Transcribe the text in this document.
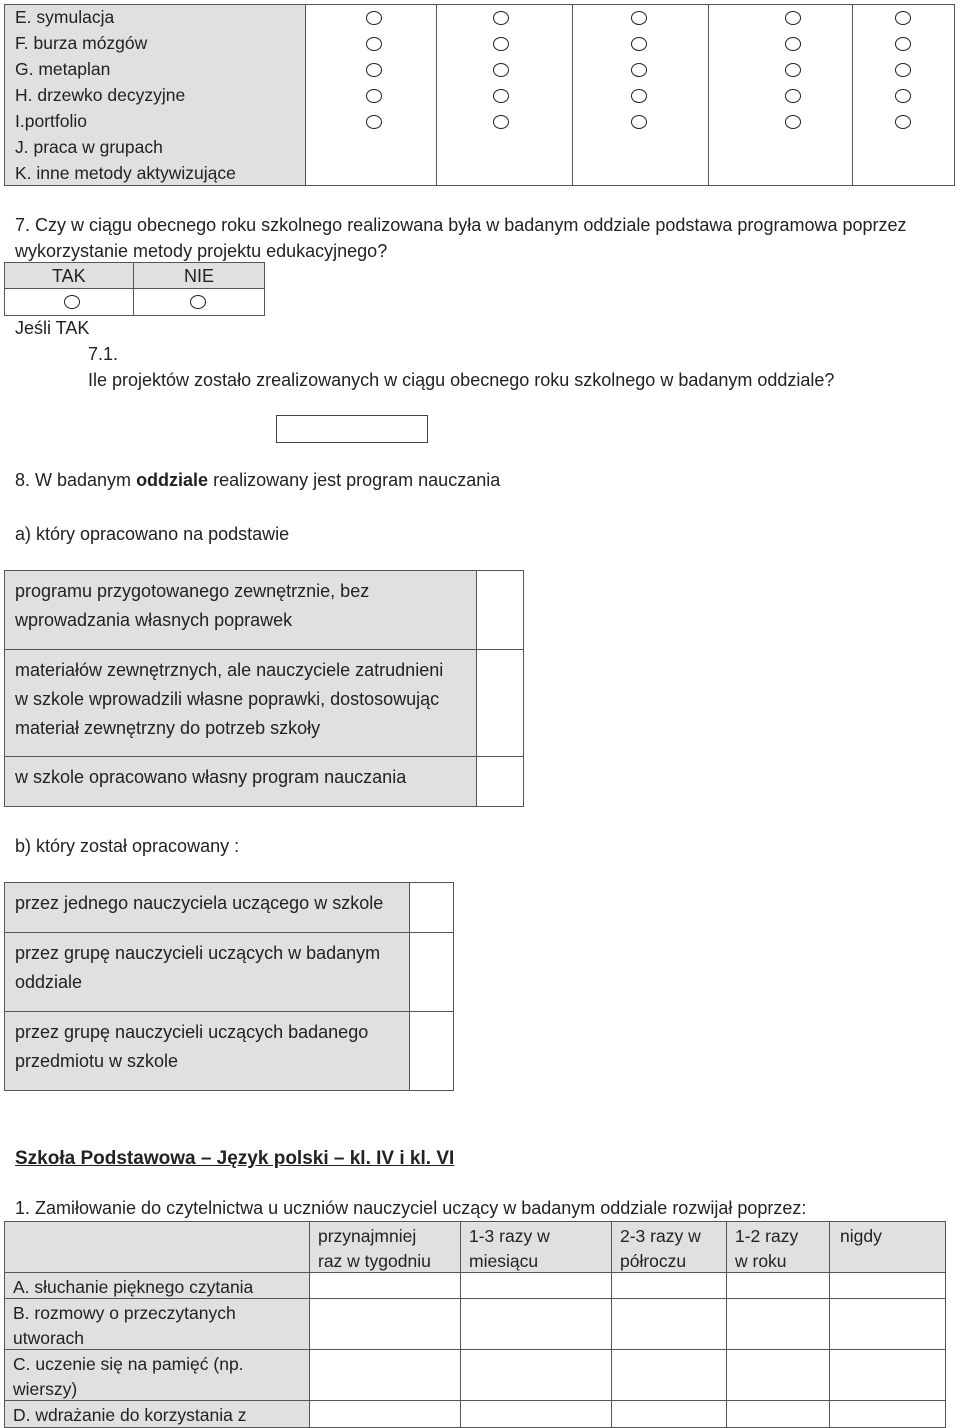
E. symulacja
F. burza mózgów
G. metaplan
H. drzewko decyzyjne
I.portfolio
J. praca w grupach
K. inne metody aktywizujące
7. Czy w ciągu obecnego roku szkolnego realizowana była w badanym oddziale podstawa programowa poprzez
wykorzystanie metody projektu edukacyjnego?
TAK	NIE
Jeśli TAK
7.1.
Ile projektów zostało zrealizowanych w ciągu obecnego roku szkolnego w badanym oddziale?
8. W badanym oddziale realizowany jest program nauczania
a) który opracowano na podstawie
programu przygotowanego zewnętrznie, bez
wprowadzania własnych poprawek
materiałów zewnętrznych, ale nauczyciele zatrudnieni
w szkole wprowadzili własne poprawki, dostosowując
materiał zewnętrzny do potrzeb szkoły
w szkole opracowano własny program nauczania
b) który został opracowany :
przez jednego nauczyciela uczącego w szkole
przez grupę nauczycieli uczących w badanym
oddziale
przez grupę nauczycieli uczących badanego
przedmiotu w szkole
Szkoła Podstawowa – Język polski – kl. IV i kl. VI
1. Zamiłowanie do czytelnictwa u uczniów nauczyciel uczący w badanym oddziale rozwijał poprzez:
przynajmniej
raz w tygodniu
1-3 razy w
miesiącu
2-3 razy w
półroczu
1-2 razy
w roku
nigdy
A. słuchanie pięknego czytania
B. rozmowy o przeczytanych
utworach
C. uczenie się na pamięć (np.
wierszy)
D. wdrażanie do korzystania z
